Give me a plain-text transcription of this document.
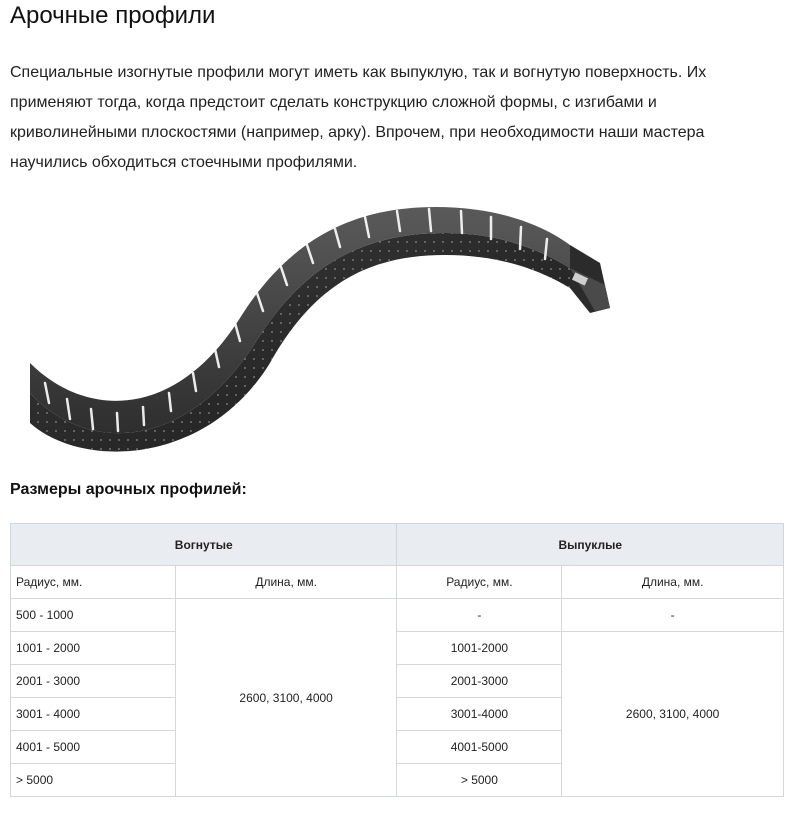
Арочные профили

Специальные изогнутые профили могут иметь как выпуклую, так и вогнутую поверхность. Их применяют тогда, когда предстоит сделать конструкцию сложной формы, с изгибами и криволинейными плоскостями (например, арку). Впрочем, при необходимости наши мастера научились обходиться стоечными профилями.

Размеры арочных профилей:
Вогнутые		Выпуклые	
Радиус, мм.	Длина, мм.	Радиус, мм.	Длина, мм.
500 - 1000	2600, 3100, 4000	-	-
1001 - 2000		1001-2000	2600, 3100, 4000
2001 - 3000		2001-3000	
3001 - 4000		3001-4000	
4001 - 5000		4001-5000	
> 5000		> 5000	
